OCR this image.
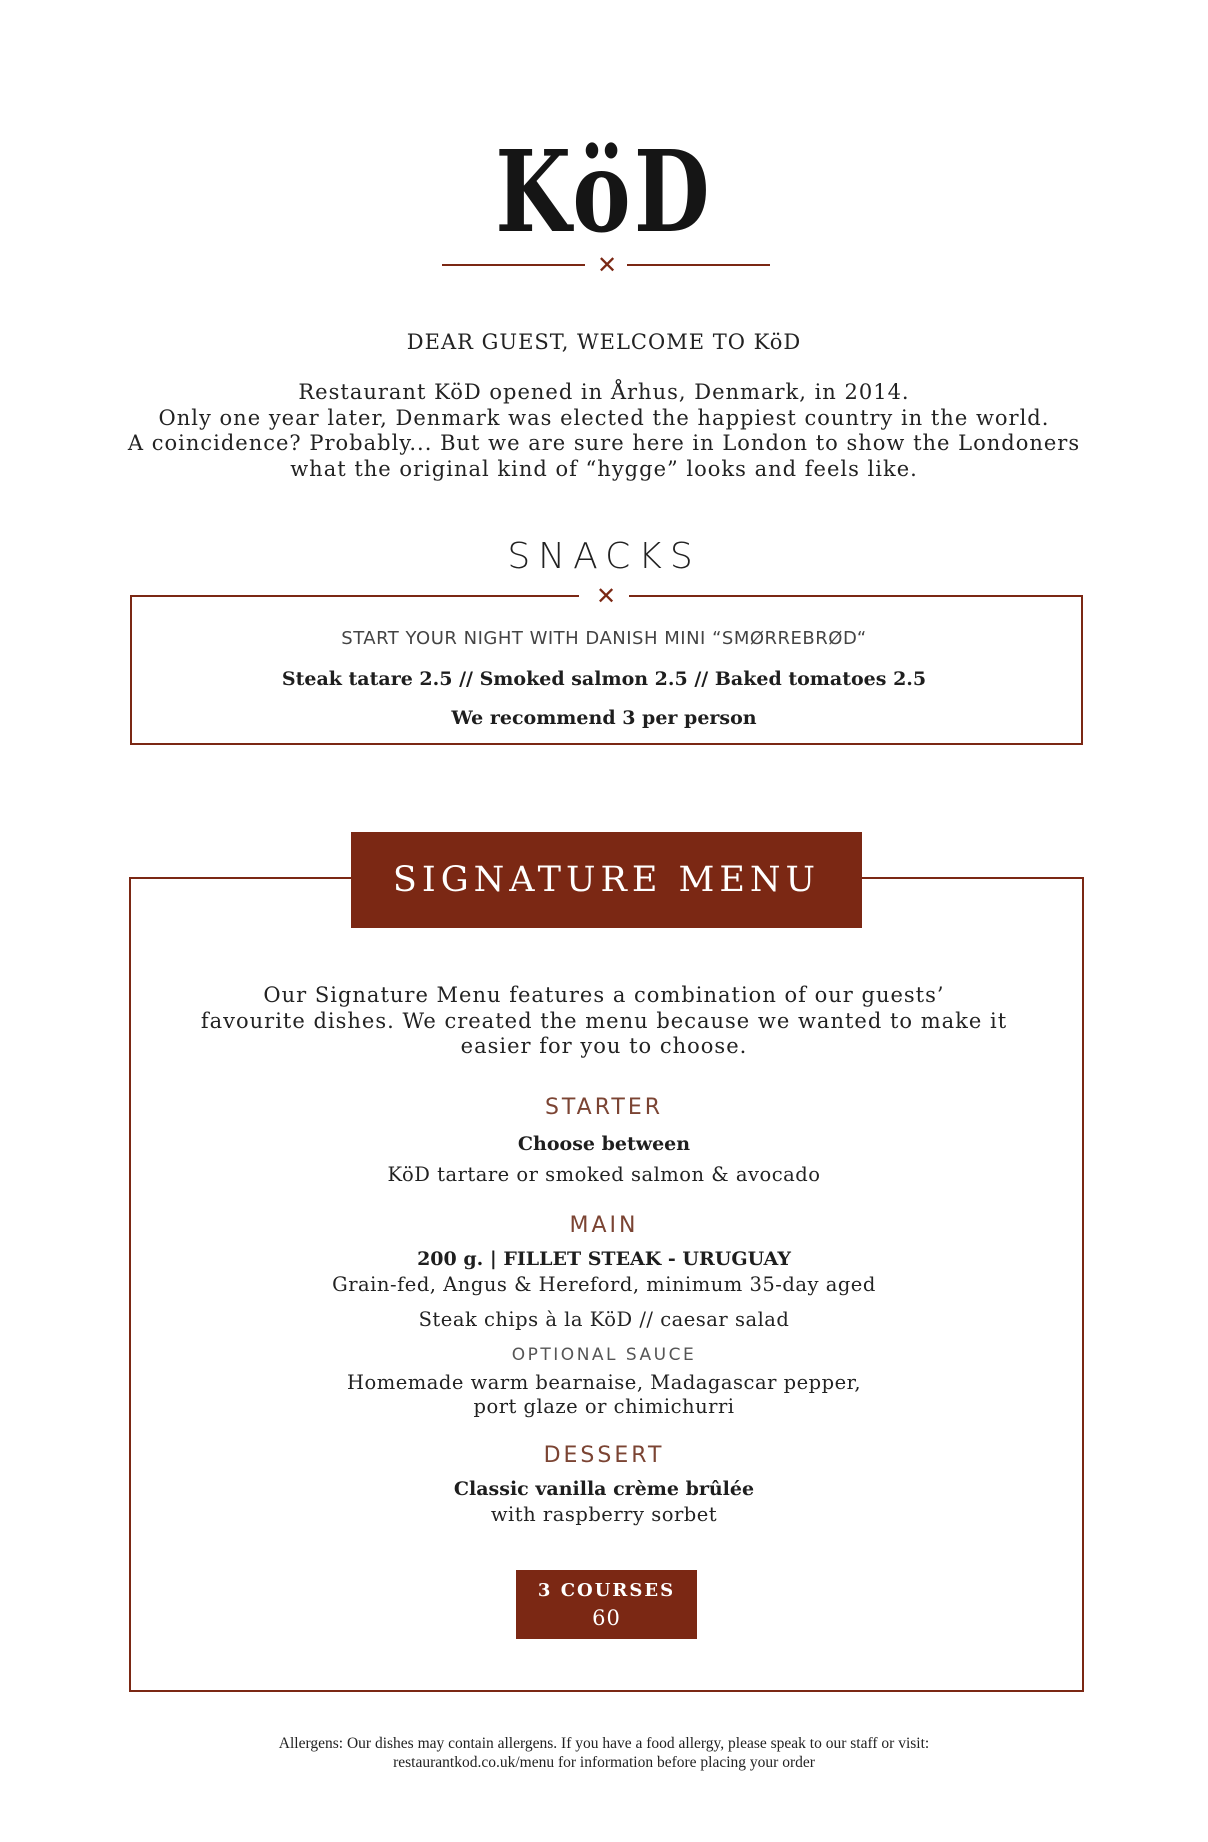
KöD
✕
DEAR GUEST, WELCOME TO KöD
Restaurant KöD opened in Århus, Denmark, in 2014.
Only one year later, Denmark was elected the happiest country in the world.
A coincidence? Probably... But we are sure here in London to show the Londoners
what the original kind of “hygge” looks and feels like.
SNACKS
✕
START YOUR NIGHT WITH DANISH MINI “SMØRREBRØD“
Steak tatare 2.5 // Smoked salmon 2.5 // Baked tomatoes 2.5
We recommend 3 per person
SIGNATURE MENU
Our Signature Menu features a combination of our guests’
favourite dishes. We created the menu because we wanted to make it
easier for you to choose.
STARTER
Choose between
KöD tartare or smoked salmon & avocado
MAIN
200 g. | FILLET STEAK - URUGUAY
Grain-fed, Angus & Hereford, minimum 35-day aged
Steak chips à la KöD // caesar salad
OPTIONAL SAUCE
Homemade warm bearnaise, Madagascar pepper,
port glaze or chimichurri
DESSERT
Classic vanilla crème brûlée
with raspberry sorbet
3 COURSES
60
Allergens: Our dishes may contain allergens. If you have a food allergy, please speak to our staff or visit:
restaurantkod.co.uk/menu for information before placing your order
